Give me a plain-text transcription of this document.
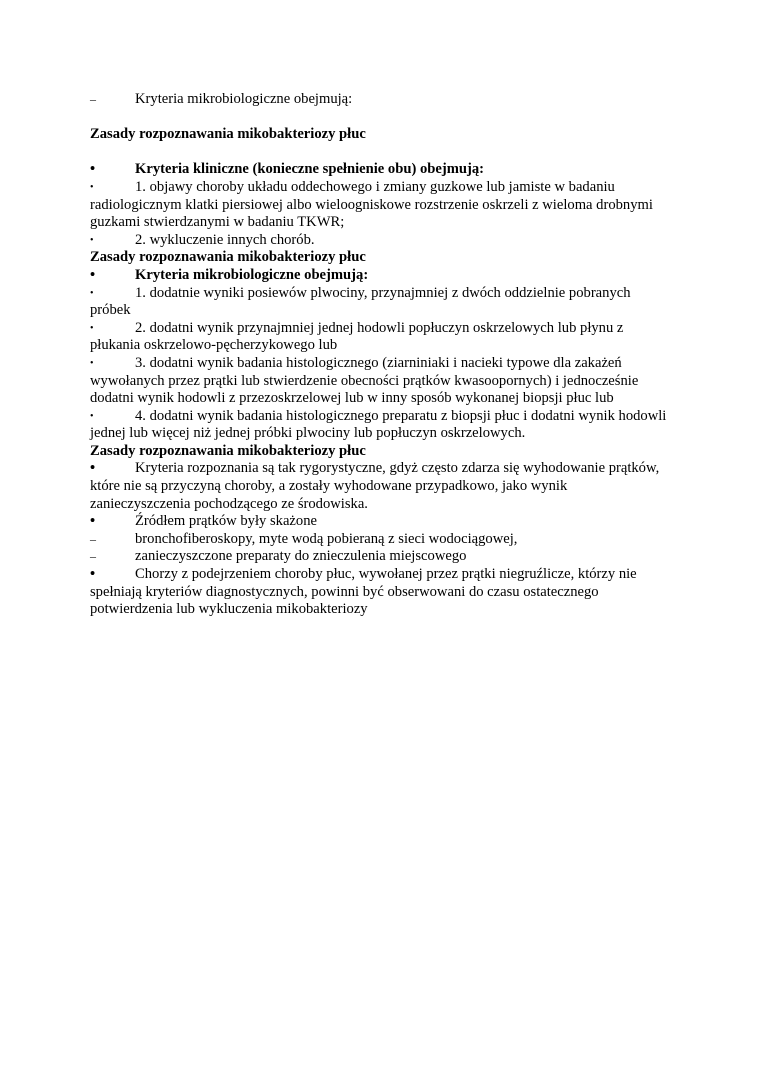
–	Kryteria mikrobiologiczne obejmują:

Zasady rozpoznawania mikobakteriozy płuc

•	Kryteria kliniczne (konieczne spełnienie obu) obejmują:

•	1. objawy choroby układu oddechowego i zmiany guzkowe lub jamiste w badaniu radiologicznym klatki piersiowej albo wieloogniskowe rozstrzenie oskrzeli z wieloma drobnymi guzkami stwierdzanymi w badaniu TKWR;

•	2. wykluczenie innych chorób.

Zasady rozpoznawania mikobakteriozy płuc

•	Kryteria mikrobiologiczne obejmują:

•	1. dodatnie wyniki posiewów plwociny, przynajmniej z dwóch oddzielnie pobranych próbek

•	2. dodatni wynik przynajmniej jednej hodowli popłuczyn oskrzelowych lub płynu z płukania oskrzelowo-pęcherzykowego lub

•	3. dodatni wynik badania histologicznego (ziarniniaki i nacieki typowe dla zakażeń wywołanych przez prątki lub stwierdzenie obecności prątków kwasoopornych) i jednocześnie dodatni wynik hodowli z przezoskrzelowej lub w inny sposób wykonanej biopsji płuc lub

•	4. dodatni wynik badania histologicznego preparatu z biopsji płuc i dodatni wynik hodowli jednej lub więcej niż jednej próbki plwociny lub popłuczyn oskrzelowych.

Zasady rozpoznawania mikobakteriozy płuc

•	Kryteria rozpoznania są tak rygorystyczne, gdyż często zdarza się wyhodowanie prątków, które nie są przyczyną choroby, a zostały wyhodowane przypadkowo, jako wynik zanieczyszczenia pochodzącego ze środowiska.

•	Źródłem prątków były skażone

–	bronchofiberoskopy, myte wodą pobieraną z sieci wodociągowej,

–	zanieczyszczone preparaty do znieczulenia miejscowego

•	Chorzy z podejrzeniem choroby płuc, wywołanej przez prątki niegruźlicze, którzy nie spełniają kryteriów diagnostycznych, powinni być obserwowani do czasu ostatecznego potwierdzenia lub wykluczenia mikobakteriozy
